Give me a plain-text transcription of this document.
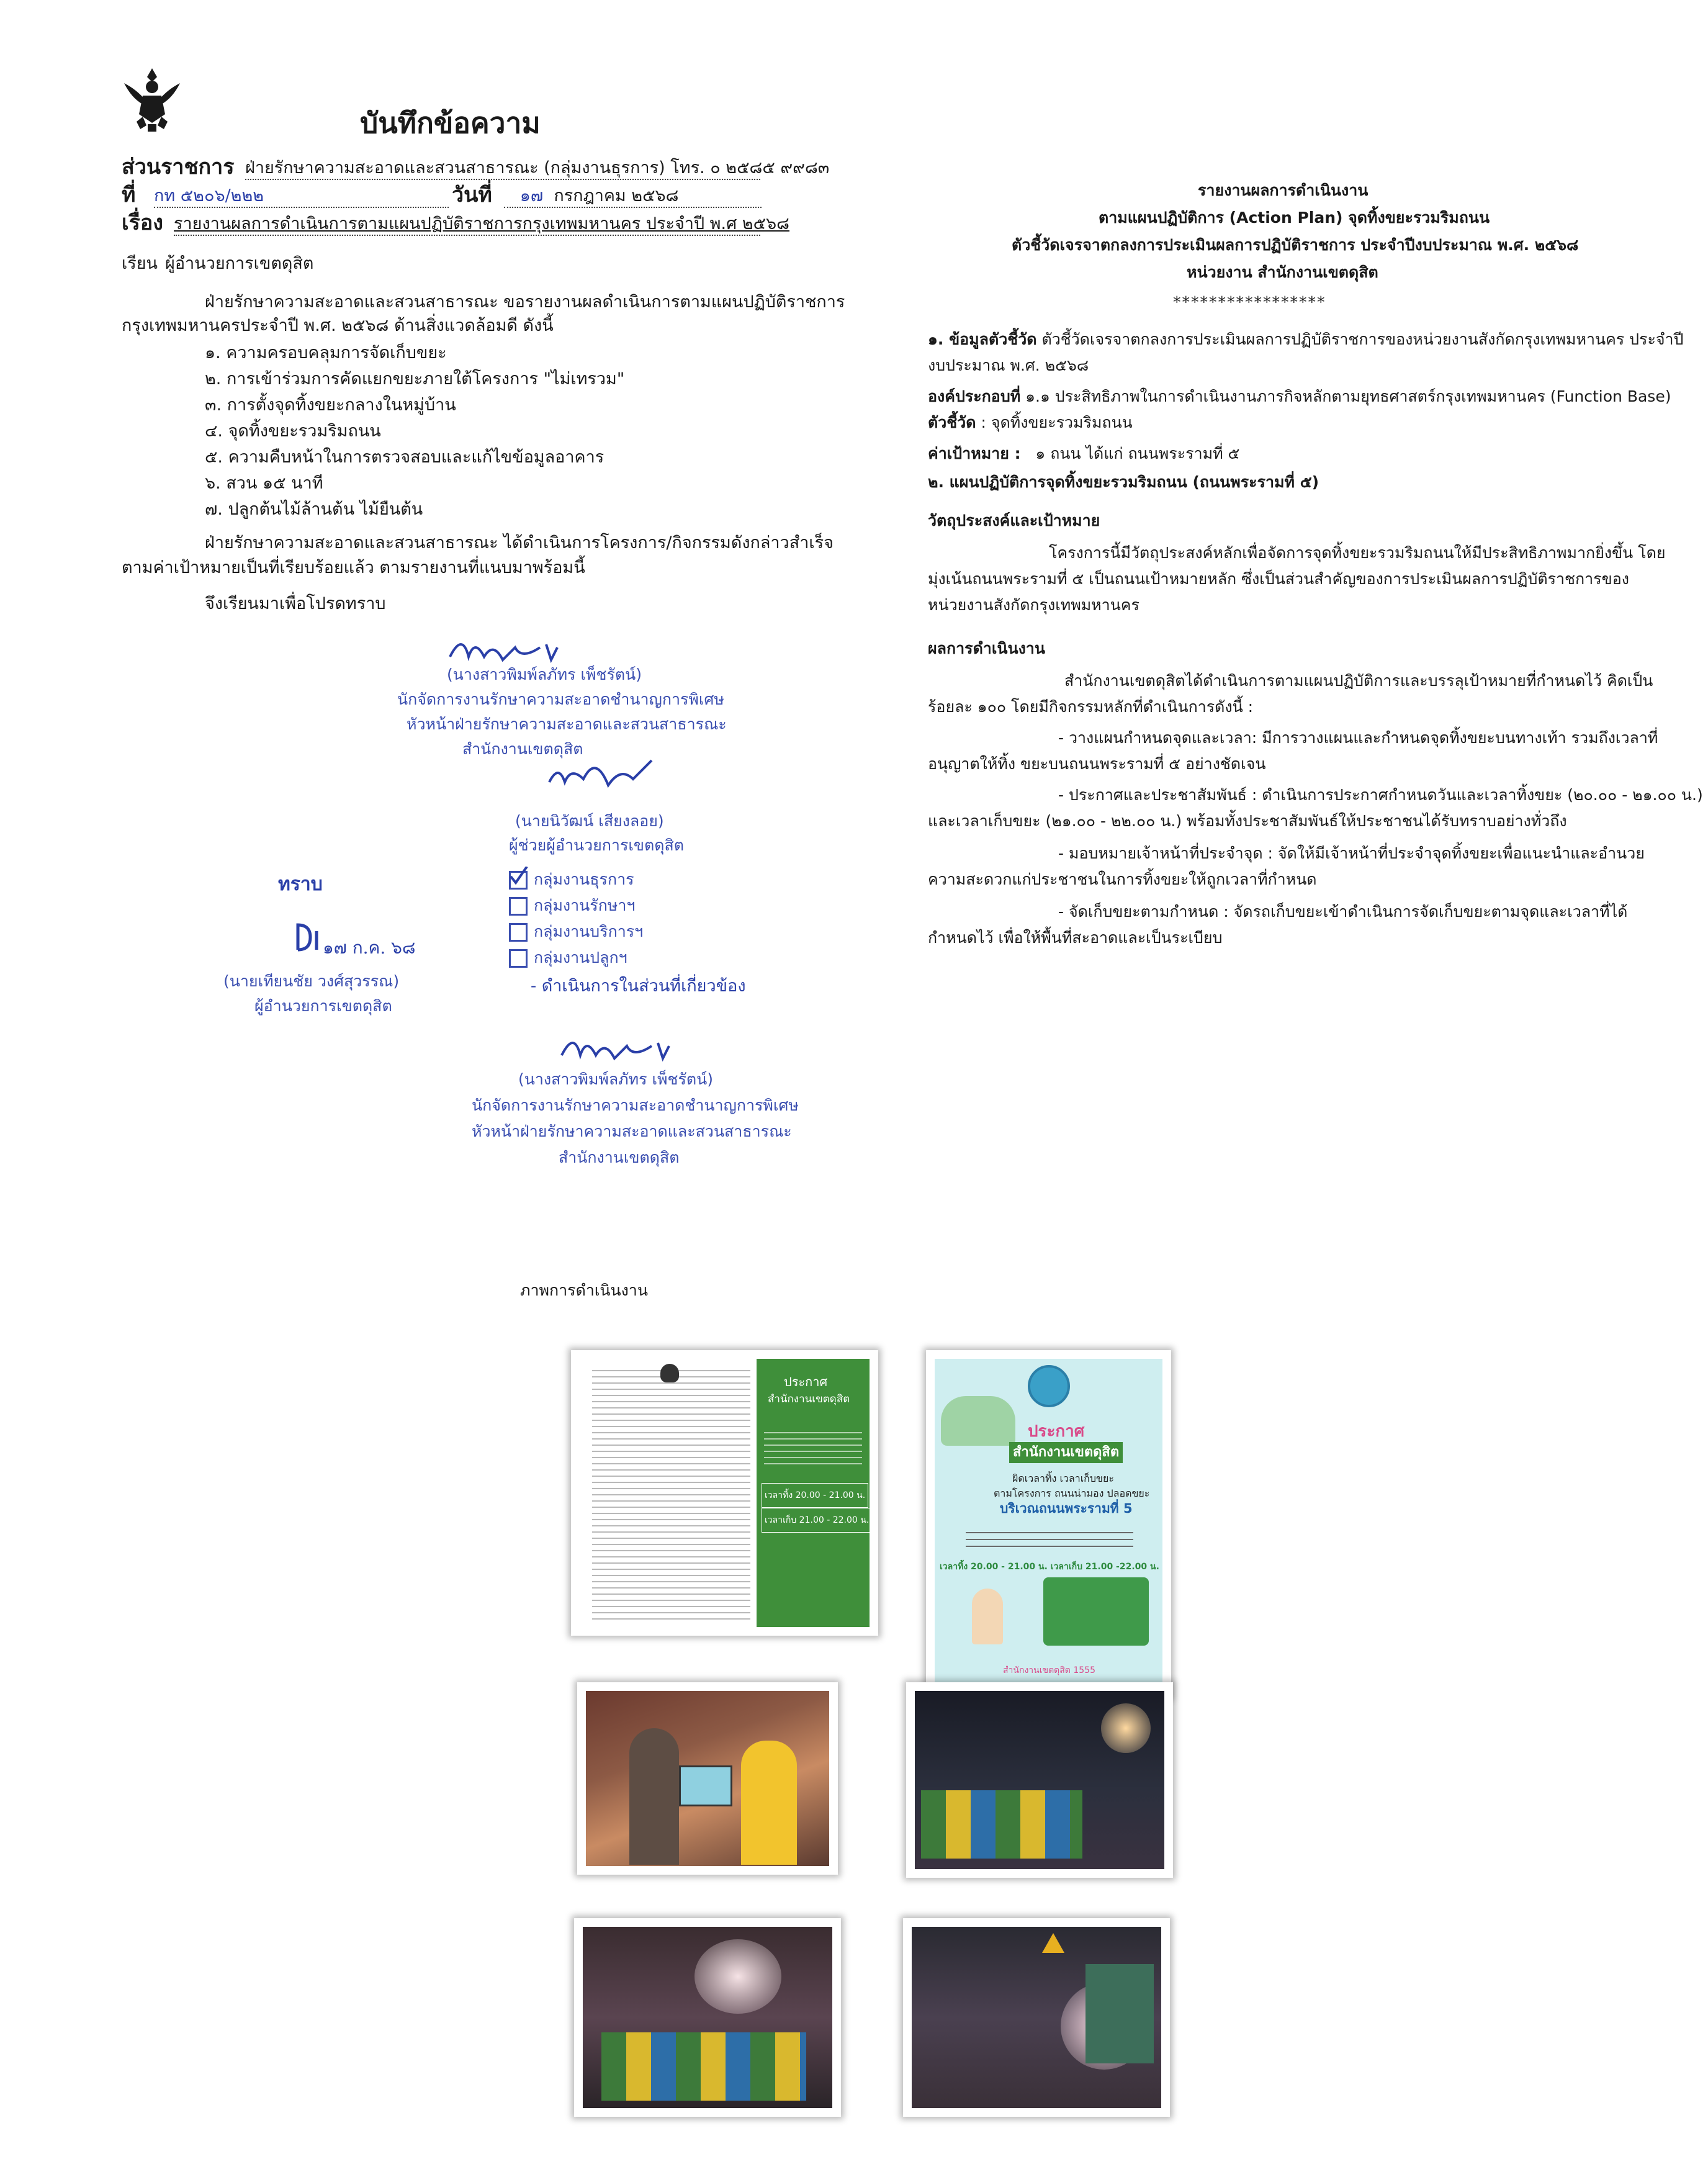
บันทึกข้อความ
ส่วนราชการ ฝ่ายรักษาความสะอาดและสวนสาธารณะ (กลุ่มงานธุรการ) โทร. ๐ ๒๕๘๕ ๙๙๘๓
ที่ กท ๕๒๐๖/๒๒๒	วันที่	๑๗ กรกฎาคม ๒๕๖๘
เรื่อง รายงานผลการดำเนินการตามแผนปฏิบัติราชการกรุงเทพมหานคร ประจำปี พ.ศ ๒๕๖๘
เรียน ผู้อำนวยการเขตดุสิต
ฝ่ายรักษาความสะอาดและสวนสาธารณะ ขอรายงานผลดำเนินการตามแผนปฏิบัติราชการ
กรุงเทพมหานครประจำปี พ.ศ. ๒๕๖๘ ด้านสิ่งแวดล้อมดี ดังนี้
๑. ความครอบคลุมการจัดเก็บขยะ
๒. การเข้าร่วมการคัดแยกขยะภายใต้โครงการ "ไม่เทรวม"
๓. การตั้งจุดทิ้งขยะกลางในหมู่บ้าน
๔. จุดทิ้งขยะรวมริมถนน
๕. ความคืบหน้าในการตรวจสอบและแก้ไขข้อมูลอาคาร
๖. สวน ๑๕ นาที
๗. ปลูกต้นไม้ล้านต้น ไม้ยืนต้น
ฝ่ายรักษาความสะอาดและสวนสาธารณะ ได้ดำเนินการโครงการ/กิจกรรมดังกล่าวสำเร็จ
ตามค่าเป้าหมายเป็นที่เรียบร้อยแล้ว ตามรายงานที่แนบมาพร้อมนี้
จึงเรียนมาเพื่อโปรดทราบ
(นางสาวพิมพ์ลภัทร เพ็ชรัตน์)
นักจัดการงานรักษาความสะอาดชำนาญการพิเศษ
หัวหน้าฝ่ายรักษาความสะอาดและสวนสาธารณะ
สำนักงานเขตดุสิต
(นายนิวัฒน์ เสียงลอย)
ผู้ช่วยผู้อำนวยการเขตดุสิต
ทราบ
๑๗ ก.ค. ๖๘
(นายเทียนชัย วงศ์สุวรรณ)
ผู้อำนวยการเขตดุสิต
กลุ่มงานธุรการ
กลุ่มงานรักษาฯ
กลุ่มงานบริการฯ
กลุ่มงานปลูกฯ
- ดำเนินการในส่วนที่เกี่ยวข้อง
(นางสาวพิมพ์ลภัทร เพ็ชรัตน์)
นักจัดการงานรักษาความสะอาดชำนาญการพิเศษ
หัวหน้าฝ่ายรักษาความสะอาดและสวนสาธารณะ
สำนักงานเขตดุสิต
รายงานผลการดำเนินงาน
ตามแผนปฏิบัติการ (Action Plan) จุดทิ้งขยะรวมริมถนน
ตัวชี้วัดเจรจาตกลงการประเมินผลการปฏิบัติราชการ ประจำปีงบประมาณ พ.ศ. ๒๕๖๘
หน่วยงาน สำนักงานเขตดุสิต
*****************
๑. ข้อมูลตัวชี้วัด ตัวชี้วัดเจรจาตกลงการประเมินผลการปฏิบัติราชการของหน่วยงานสังกัดกรุงเทพมหานคร ประจำปี
งบประมาณ พ.ศ. ๒๕๖๘
องค์ประกอบที่ ๑.๑ ประสิทธิภาพในการดำเนินงานภารกิจหลักตามยุทธศาสตร์กรุงเทพมหานคร (Function Base)
ตัวชี้วัด : จุดทิ้งขยะรวมริมถนน
ค่าเป้าหมาย : ๑ ถนน ได้แก่ ถนนพระรามที่ ๕
๒. แผนปฏิบัติการจุดทิ้งขยะรวมริมถนน (ถนนพระรามที่ ๕)
วัตถุประสงค์และเป้าหมาย
โครงการนี้มีวัตถุประสงค์หลักเพื่อจัดการจุดทิ้งขยะรวมริมถนนให้มีประสิทธิภาพมากยิ่งขึ้น โดย
มุ่งเน้นถนนพระรามที่ ๕ เป็นถนนเป้าหมายหลัก ซึ่งเป็นส่วนสำคัญของการประเมินผลการปฏิบัติราชการของ
หน่วยงานสังกัดกรุงเทพมหานคร
ผลการดำเนินงาน
สำนักงานเขตดุสิตได้ดำเนินการตามแผนปฏิบัติการและบรรลุเป้าหมายที่กำหนดไว้ คิดเป็น
ร้อยละ ๑๐๐ โดยมีกิจกรรมหลักที่ดำเนินการดังนี้ :
- วางแผนกำหนดจุดและเวลา: มีการวางแผนและกำหนดจุดทิ้งขยะบนทางเท้า รวมถึงเวลาที่
อนุญาตให้ทิ้ง ขยะบนถนนพระรามที่ ๕ อย่างชัดเจน
- ประกาศและประชาสัมพันธ์ : ดำเนินการประกาศกำหนดวันและเวลาทิ้งขยะ (๒๐.๐๐ - ๒๑.๐๐ น.)
และเวลาเก็บขยะ (๒๑.๐๐ - ๒๒.๐๐ น.) พร้อมทั้งประชาสัมพันธ์ให้ประชาชนได้รับทราบอย่างทั่วถึง
- มอบหมายเจ้าหน้าที่ประจำจุด : จัดให้มีเจ้าหน้าที่ประจำจุดทิ้งขยะเพื่อแนะนำและอำนวย
ความสะดวกแก่ประชาชนในการทิ้งขยะให้ถูกเวลาที่กำหนด
- จัดเก็บขยะตามกำหนด : จัดรถเก็บขยะเข้าดำเนินการจัดเก็บขยะตามจุดและเวลาที่ได้
กำหนดไว้ เพื่อให้พื้นที่สะอาดและเป็นระเบียบ
ภาพการดำเนินงาน
ประกาศ
สำนักงานเขตดุสิต
เวลาทิ้ง 20.00 - 21.00 น.
เวลาเก็บ 21.00 - 22.00 น.
ประกาศ
สำนักงานเขตดุสิต
ผิดเวลาทิ้ง เวลาเก็บขยะ
ตามโครงการ ถนนน่ามอง ปลอดขยะ
บริเวณถนนพระรามที่ 5
เวลาทิ้ง 20.00 - 21.00 น. เวลาเก็บ 21.00 -22.00 น.
สำนักงานเขตดุสิต 1555
